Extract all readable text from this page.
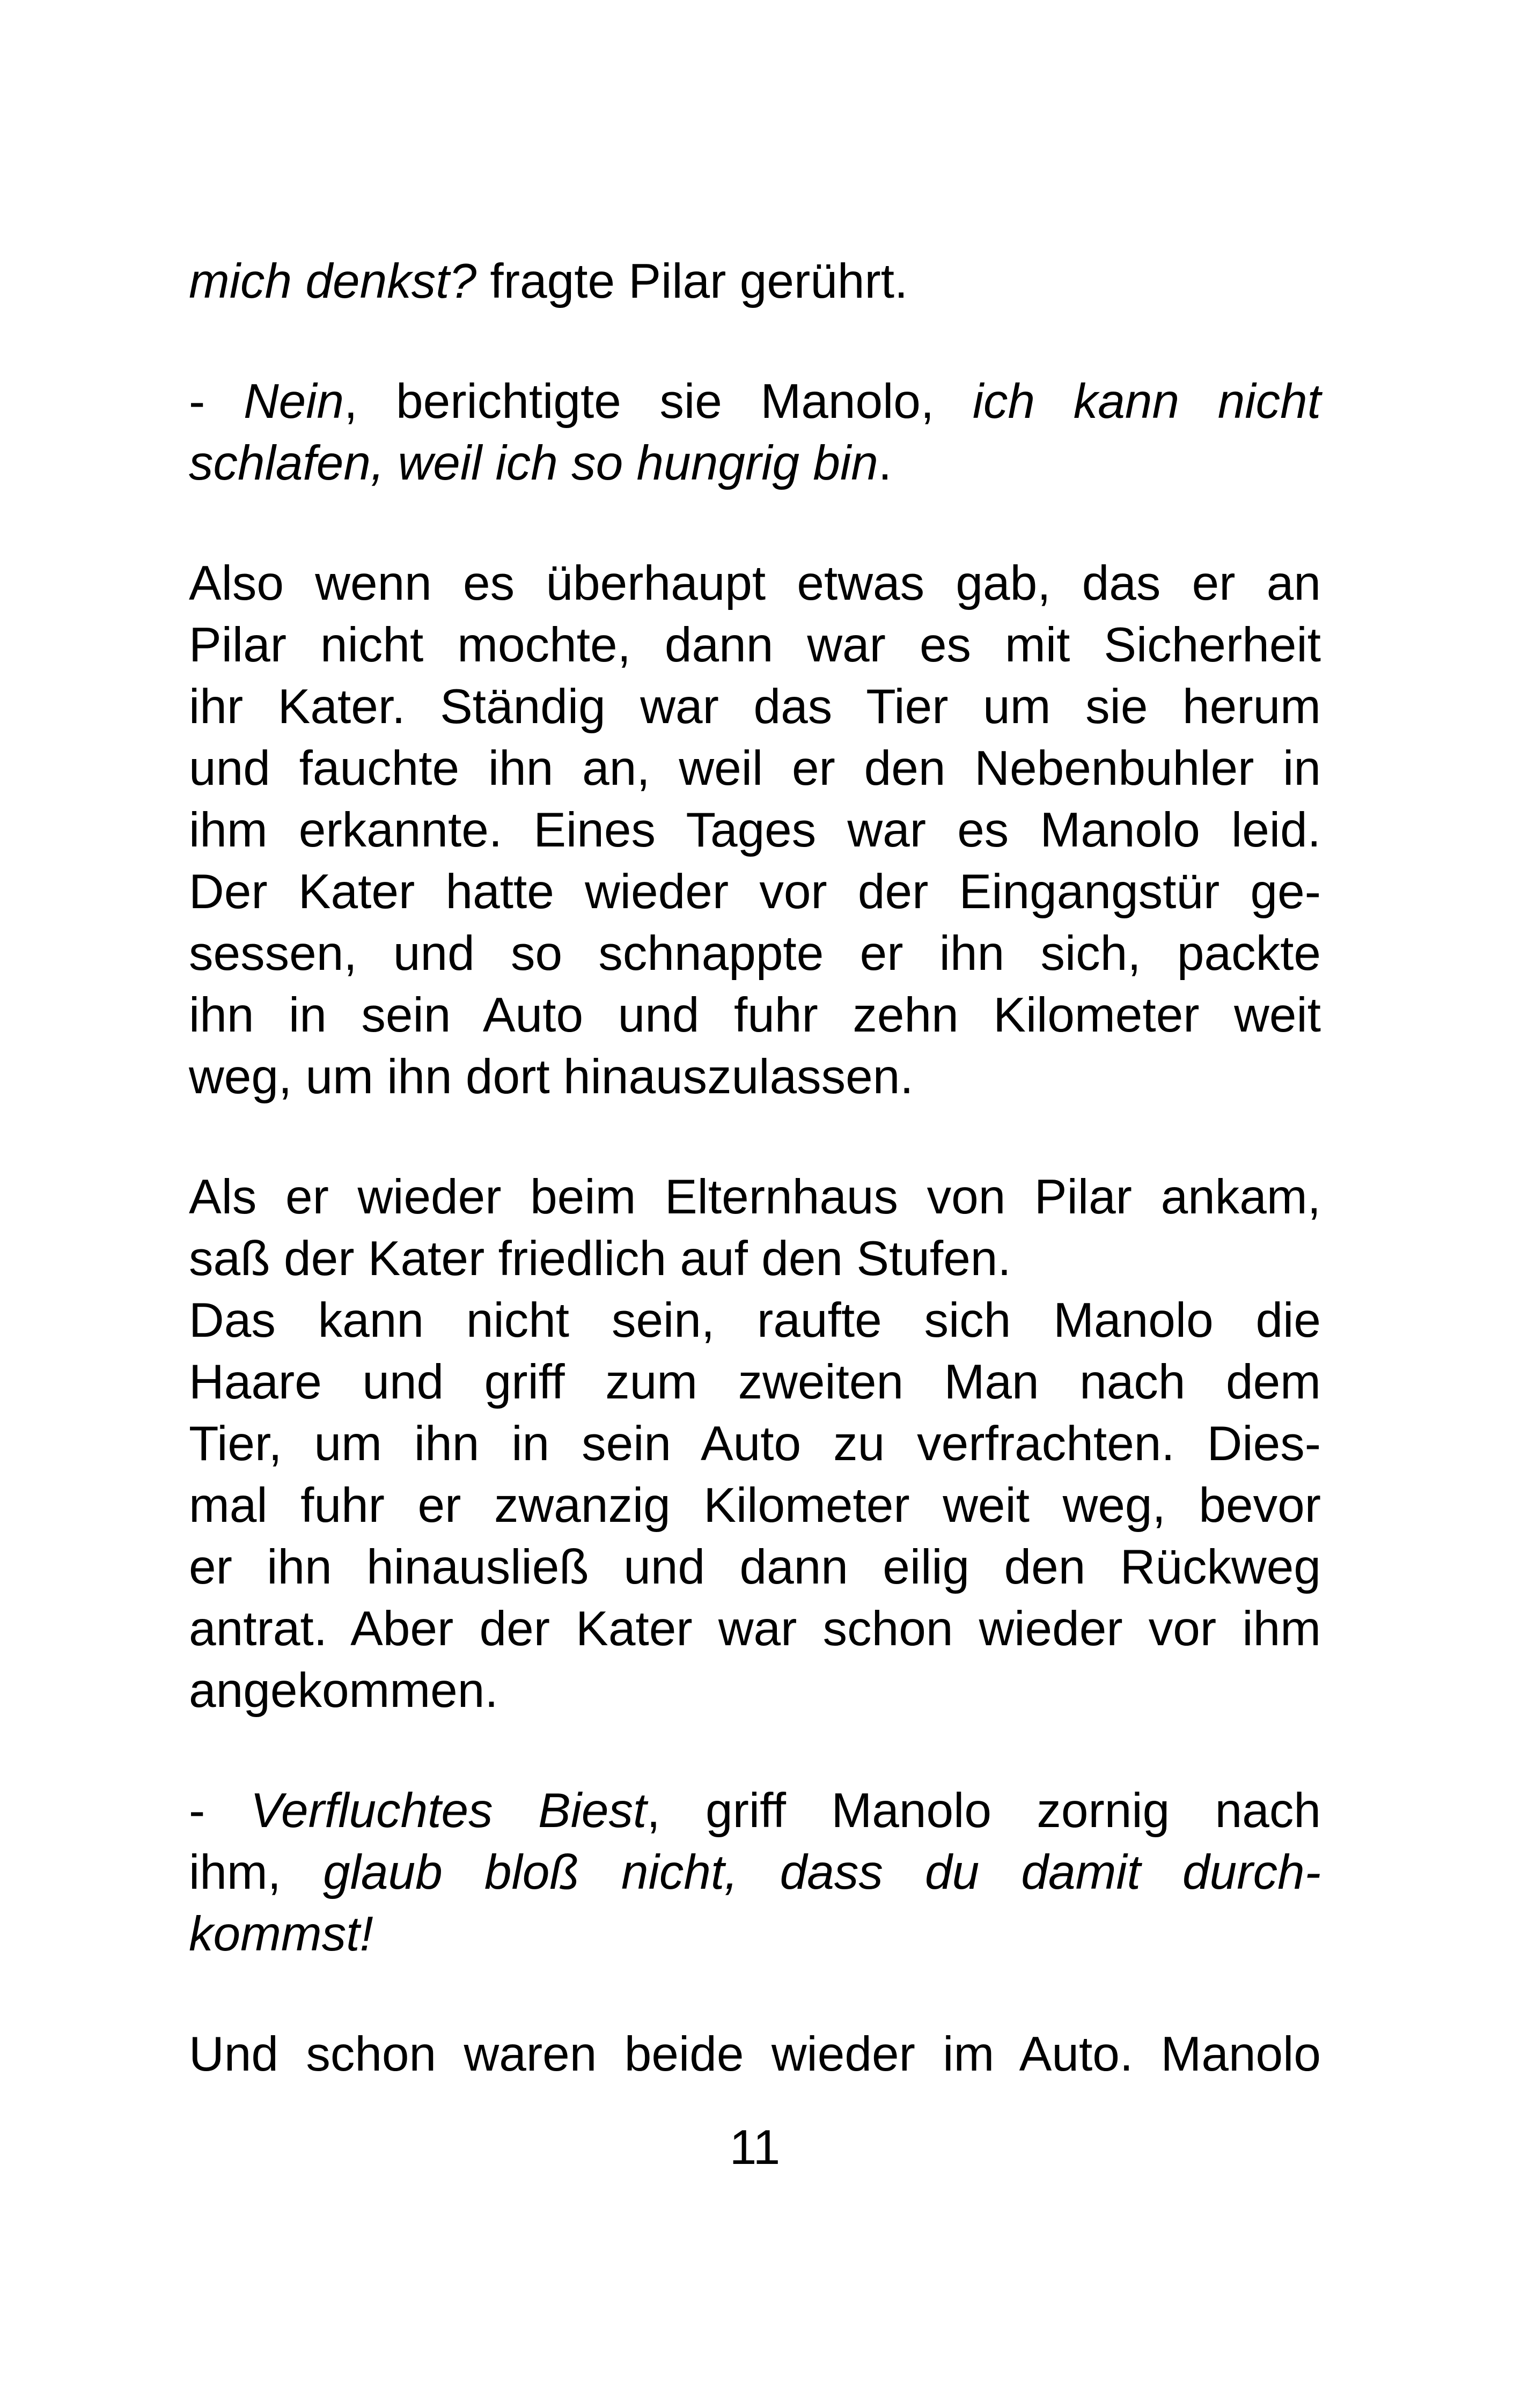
mich denkst? fragte Pilar gerührt.
- Nein, berichtigte sie Manolo, ich kann nicht
schlafen, weil ich so hungrig bin.
Also wenn es überhaupt etwas gab, das er an
Pilar nicht mochte, dann war es mit Sicherheit
ihr Kater. Ständig war das Tier um sie herum
und fauchte ihn an, weil er den Nebenbuhler in
ihm erkannte. Eines Tages war es Manolo leid.
Der Kater hatte wieder vor der Eingangstür ge-
sessen, und so schnappte er ihn sich, packte
ihn in sein Auto und fuhr zehn Kilometer weit
weg, um ihn dort hinauszulassen.
Als er wieder beim Elternhaus von Pilar ankam,
saß der Kater friedlich auf den Stufen.
Das kann nicht sein, raufte sich Manolo die
Haare und griff zum zweiten Man nach dem
Tier, um ihn in sein Auto zu verfrachten. Dies-
mal fuhr er zwanzig Kilometer weit weg, bevor
er ihn hinausließ und dann eilig den Rückweg
antrat. Aber der Kater war schon wieder vor ihm
angekommen.
- Verfluchtes Biest, griff Manolo zornig nach
ihm, glaub bloß nicht, dass du damit durch-
kommst!
Und schon waren beide wieder im Auto. Manolo
11
